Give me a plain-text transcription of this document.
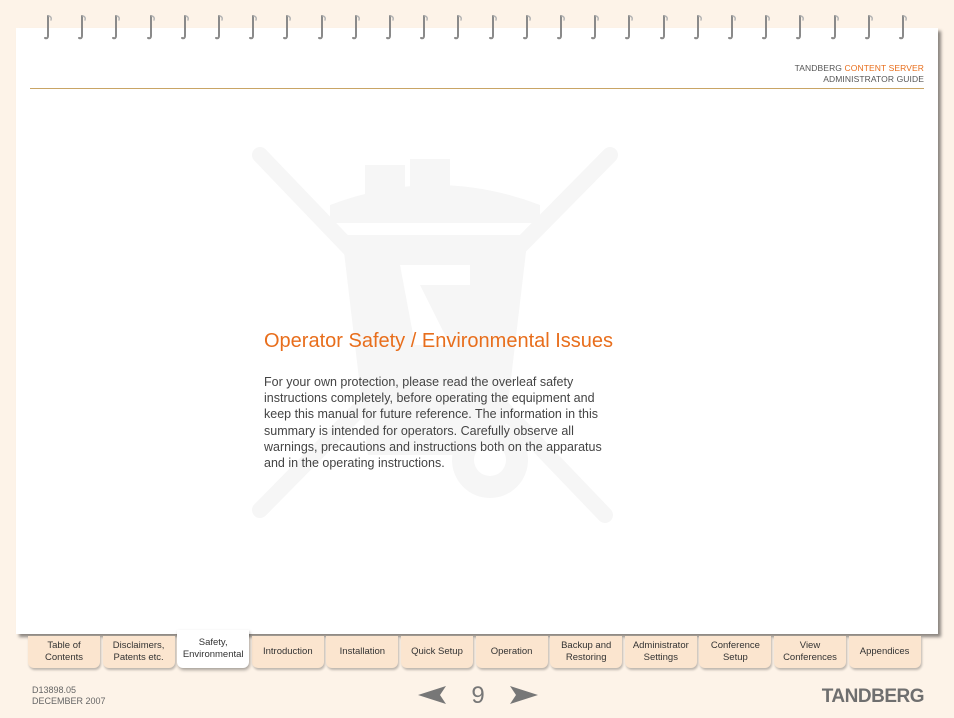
TANDBERG CONTENT SERVER
ADMINISTRATOR GUIDE
Operator Safety / Environmental Issues
For your own protection, please read the overleaf safety instructions completely, before operating the equipment and keep this manual for future reference. The information in this summary is intended for operators. Carefully observe all warnings, precautions and instructions both on the apparatus and in the operating instructions.
Table of Contents
Disclaimers, Patents etc.
Safety, Environmental	Introduction	Installation	Quick Setup	Operation
Backup and Restoring
Administrator Settings
Conference Setup
View Conferences
Appendices
D13898.05
DECEMBER 2007	9	TANDBERG
